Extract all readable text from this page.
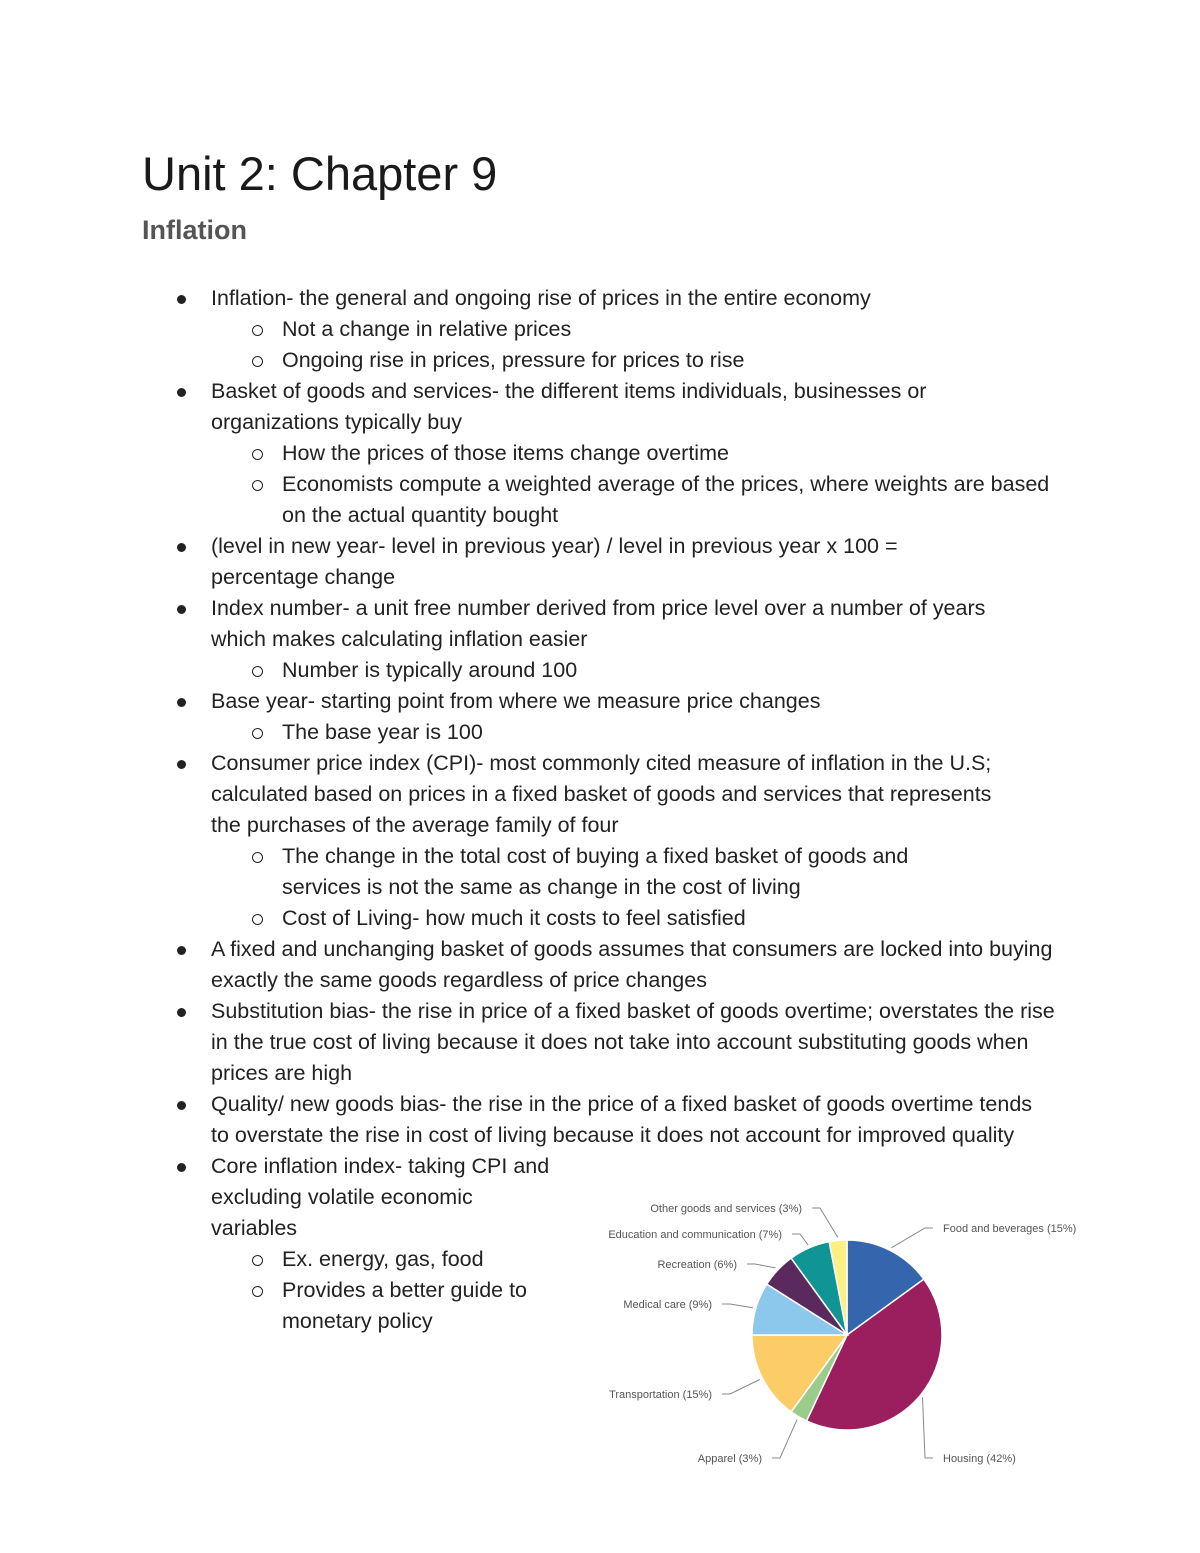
Unit 2: Chapter 9
Inflation
Inflation- the general and ongoing rise of prices in the entire economy
Not a change in relative prices
Ongoing rise in prices, pressure for prices to rise
Basket of goods and services- the different items individuals, businesses or organizations typically buy
How the prices of those items change overtime
Economists compute a weighted average of the prices, where weights are based on the actual quantity bought
(level in new year- level in previous year) / level in previous year x 100 = percentage change
Index number- a unit free number derived from price level over a number of years which makes calculating inflation easier
Number is typically around 100
Base year- starting point from where we measure price changes
The base year is 100
Consumer price index (CPI)- most commonly cited measure of inflation in the U.S; calculated based on prices in a fixed basket of goods and services that represents the purchases of the average family of four
The change in the total cost of buying a fixed basket of goods and services is not the same as change in the cost of living
Cost of Living- how much it costs to feel satisfied
A fixed and unchanging basket of goods assumes that consumers are locked into buying exactly the same goods regardless of price changes
Substitution bias- the rise in price of a fixed basket of goods overtime; overstates the rise in the true cost of living because it does not take into account substituting goods when prices are high
Quality/ new goods bias- the rise in the price of a fixed basket of goods overtime tends to overstate the rise in cost of living because it does not account for improved quality
Core inflation index- taking CPI and excluding volatile economic variables
Ex. energy, gas, food
Provides a better guide to monetary policy
Food and beverages (15%)
Housing (42%)
Apparel (3%)
Transportation (15%)
Medical care (9%)
Recreation (6%)
Education and communication (7%)
Other goods and services (3%)
